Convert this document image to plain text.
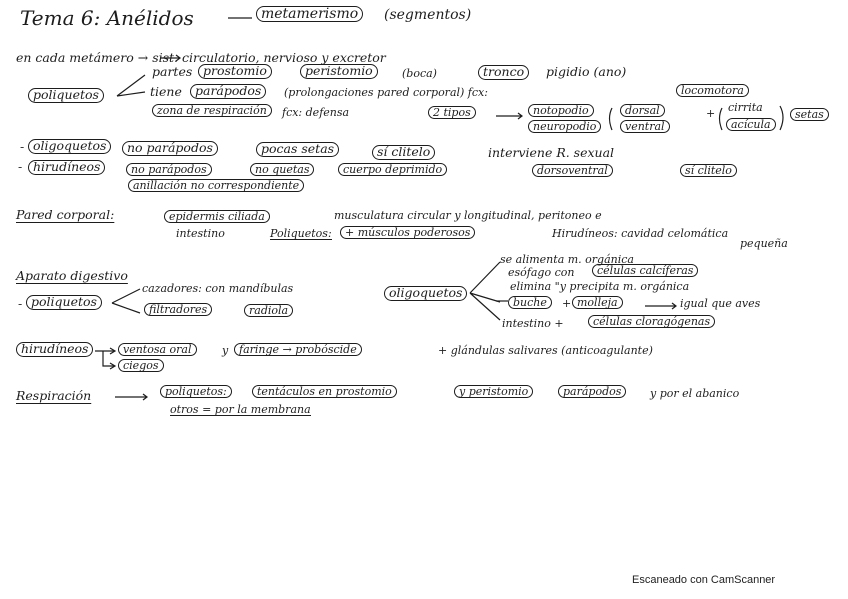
Tema 6: Anélidos	metamerismo	(segmentos)
en cada metámero → sist. circulatorio, nervioso y excretor
partes prostomio	peristomio	(boca)	tronco	pigidio (ano)
poliquetos	tiene	parápodos	(prolongaciones pared corporal) fcx:	locomotora
zona de respiración	fcx: defensa	2 tipos	notopodio
neuropodio
dorsal
ventral
+ cirrita
acícula
setas
- oligoquetos	no parápodos	pocas setas	sí clitelo	interviene R. sexual
- hirudíneos	no parápodos	no quetas	cuerpo deprimido	dorsoventral	sí clitelo
anillación no correspondiente
Pared corporal:	epidermis ciliada	musculatura circular y longitudinal, peritoneo e
intestino	Poliquetos:	+ músculos poderosos	Hirudíneos: cavidad celomática
pequeña
Aparato digestivo
- poliquetos
cazadores: con mandíbulas
filtradores	radiola
oligoquetos
se alimenta m. orgánica
esófago con	células calcíferas
elimina "y precipita m. orgánica
buche	+ molleja	igual que aves
intestino +	células cloragógenas
hirudíneos	ventosa oral	y faringe → probóscide	+ glándulas salivares (anticoagulante)
ciegos
Respiración	poliquetos:	tentáculos en prostomio	y peristomio	parápodos	y por el abanico
otros = por la membrana
Escaneado con CamScanner
